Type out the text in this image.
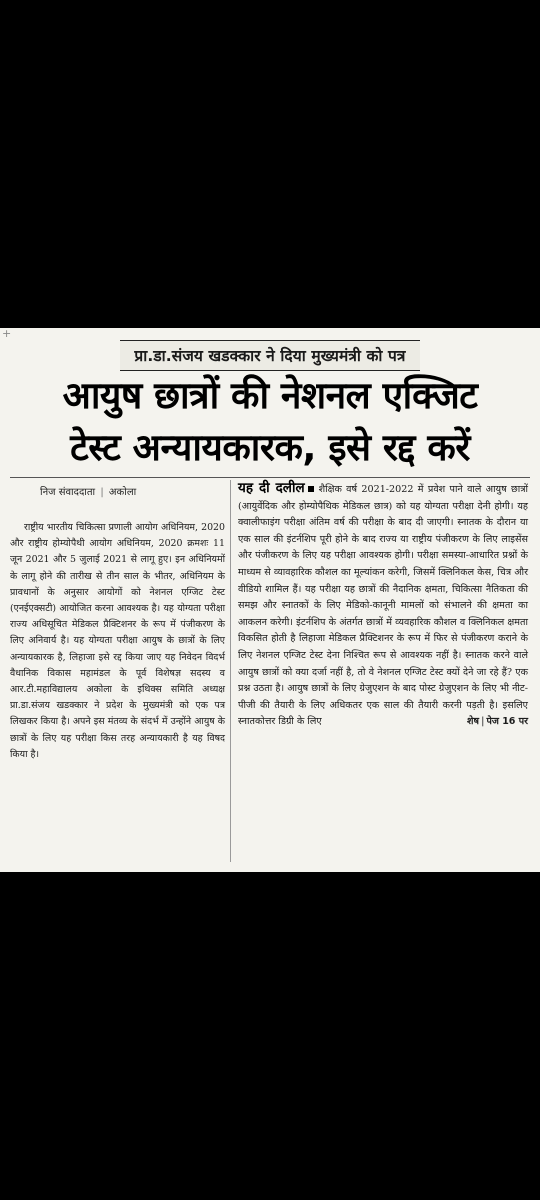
+
प्रा.डा.संजय खडक्कार ने दिया मुख्यमंत्री को पत्र
आयुष छात्रों की नेशनल एक्जिट
टेस्ट अन्यायकारक, इसे रद्द करें
निज संवाददाता | अकोला
राष्ट्रीय भारतीय चिकित्सा प्रणाली आयोग अधिनियम, 2020 और राष्ट्रीय होम्योपैथी आयोग अधिनियम, 2020 क्रमशः 11 जून 2021 और 5 जुलाई 2021 से लागू हुए। इन अधिनियमों के लागू होने की तारीख से तीन साल के भीतर, अधिनियम के प्रावधानों के अनुसार आयोगों को नेशनल एग्जिट टेस्ट (एनईएक्सटी) आयोजित करना आवश्यक है। यह योग्यता परीक्षा राज्य अधिसूचित मेडिकल प्रैक्टिशनर के रूप में पंजीकरण के लिए अनिवार्य है। यह योग्यता परीक्षा आयुष के छात्रों के लिए अन्यायकारक है, लिहाजा इसे रद्द किया जाए यह निवेदन विदर्भ वैधानिक विकास महामंडल के पूर्व विशेषज्ञ सदस्य व आर.टी.महाविद्यालय अकोला के इथिक्स समिति अध्यक्ष प्रा.डा.संजय खडक्कार ने प्रदेश के मुख्यमंत्री को एक पत्र लिखकर किया है। अपने इस मंतव्य के संदर्भ में उन्होंने आयुष के छात्रों के लिए यह परीक्षा किस तरह अन्यायकारी है यह विषद किया है।
यह दी दलील शैक्षिक वर्ष 2021-2022 में प्रवेश पाने वाले आयुष छात्रों (आयुर्वेदिक और होम्योपैथिक मेडिकल छात्र) को यह योग्यता परीक्षा देनी होगी। यह क्वालीफाइंग परीक्षा अंतिम वर्ष की परीक्षा के बाद दी जाएगी। स्नातक के दौरान या एक साल की इंटर्नशिप पूरी होने के बाद राज्य या राष्ट्रीय पंजीकरण के लिए लाइसेंस और पंजीकरण के लिए यह परीक्षा आवश्यक होगी। परीक्षा समस्या-आधारित प्रश्नों के माध्यम से व्यावहारिक कौशल का मूल्यांकन करेगी, जिसमें क्लिनिकल केस, चित्र और वीडियो शामिल हैं। यह परीक्षा यह छात्रों की नैदानिक क्षमता, चिकित्सा नैतिकता की समझ और स्नातकों के लिए मेडिको-कानूनी मामलों को संभालने की क्षमता का आकलन करेगी। इंटर्नशिप के अंतर्गत छात्रों में व्यवहारिक कौशल व क्लिनिकल क्षमता विकसित होती है लिहाजा मेडिकल प्रैक्टिशनर के रूप में फिर से पंजीकरण कराने के लिए नेशनल एग्जिट टेस्ट देना निश्चित रूप से आवश्यक नहीं है। स्नातक करने वाले आयुष छात्रों को क्या दर्जा नहीं है, तो वे नेशनल एग्जिट टेस्ट क्यों देने जा रहे हैं? एक प्रश्न उठता है। आयुष छात्रों के लिए ग्रेजुएशन के बाद पोस्ट ग्रेजुएशन के लिए भी नीट- पीजी की तैयारी के लिए अधिकतर एक साल की तैयारी करनी पड़ती है। इसलिए स्नातकोत्तर डिग्री के लिए	शेष | पेज 16 पर
